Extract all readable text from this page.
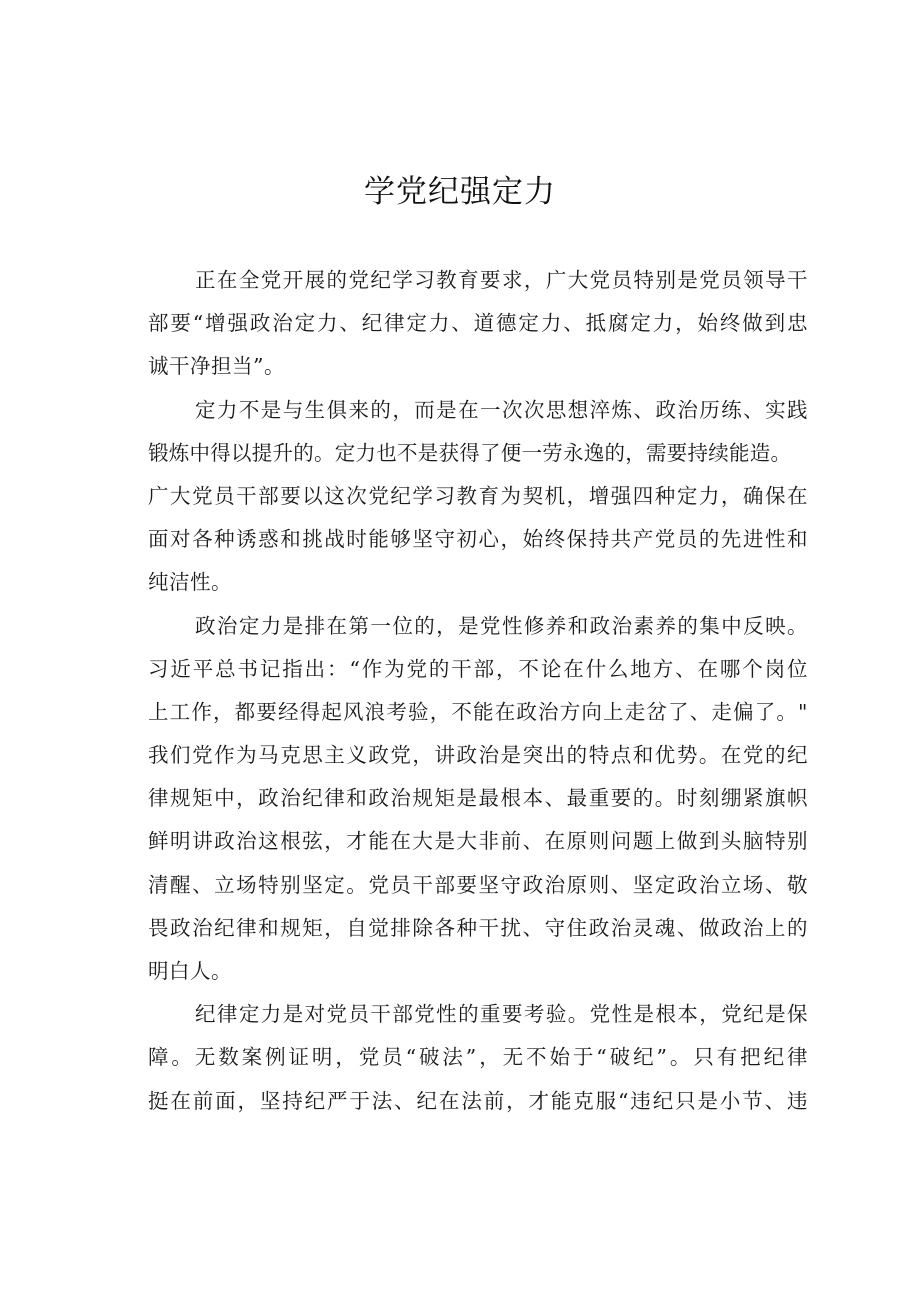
学党纪强定力
正在全党开展的党纪学习教育要求，广大党员特别是党员领导干
部要“增强政治定力、纪律定力、道德定力、抵腐定力，始终做到忠
诚干净担当”。
定力不是与生俱来的，而是在一次次思想淬炼、政治历练、实践
锻炼中得以提升的。定力也不是获得了便一劳永逸的，需要持续能造。
广大党员干部要以这次党纪学习教育为契机，增强四种定力，确保在
面对各种诱惑和挑战时能够坚守初心，始终保持共产党员的先进性和
纯洁性。
政治定力是排在第一位的，是党性修养和政治素养的集中反映。
习近平总书记指出：“作为党的干部，不论在什么地方、在哪个岗位
上工作，都要经得起风浪考验，不能在政治方向上走岔了、走偏了。"
我们党作为马克思主义政党，讲政治是突出的特点和优势。在党的纪
律规矩中，政治纪律和政治规矩是最根本、最重要的。时刻绷紧旗帜
鲜明讲政治这根弦，才能在大是大非前、在原则问题上做到头脑特别
清醒、立场特别坚定。党员干部要坚守政治原则、坚定政治立场、敬
畏政治纪律和规矩，自觉排除各种干扰、守住政治灵魂、做政治上的
明白人。
纪律定力是对党员干部党性的重要考验。党性是根本，党纪是保
障。无数案例证明，党员“破法”，无不始于“破纪”。只有把纪律
挺在前面，坚持纪严于法、纪在法前，才能克服“违纪只是小节、违
